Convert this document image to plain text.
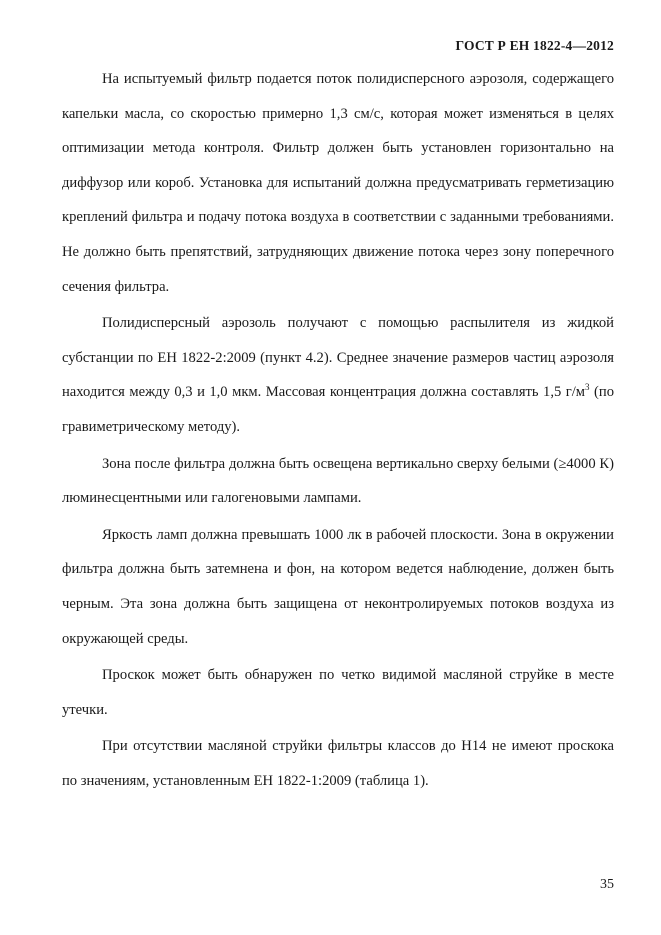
ГОСТ Р ЕН 1822-4—2012

На испытуемый фильтр подается поток полидисперсного аэрозоля, содержащего капельки масла, со скоростью примерно 1,3 см/с, которая может изменяться в целях оптимизации метода контроля. Фильтр должен быть установлен горизонтально на диффузор или короб. Установка для испытаний должна предусматривать герметизацию креплений фильтра и подачу потока воздуха в соответствии с заданными требованиями. Не должно быть препятствий, затрудняющих движение потока через зону поперечного сечения фильтра.

Полидисперсный аэрозоль получают с помощью распылителя из жидкой субстанции по ЕН 1822-2:2009 (пункт 4.2). Среднее значение размеров частиц аэрозоля находится между 0,3 и 1,0 мкм. Массовая концентрация должна составлять 1,5 $г/м^3$ (по гравиметрическому методу).

Зона после фильтра должна быть освещена вертикально сверху белыми (≥4000 К) люминесцентными или галогеновыми лампами.

Яркость ламп должна превышать 1000 лк в рабочей плоскости. Зона в окружении фильтра должна быть затемнена и фон, на котором ведется наблюдение, должен быть черным. Эта зона должна быть защищена от неконтролируемых потоков воздуха из окружающей среды.

Проскок может быть обнаружен по четко видимой масляной струйке в месте утечки.

При отсутствии масляной струйки фильтры классов до Н14 не имеют проскока по значениям, установленным ЕН 1822-1:2009 (таблица 1).

35
